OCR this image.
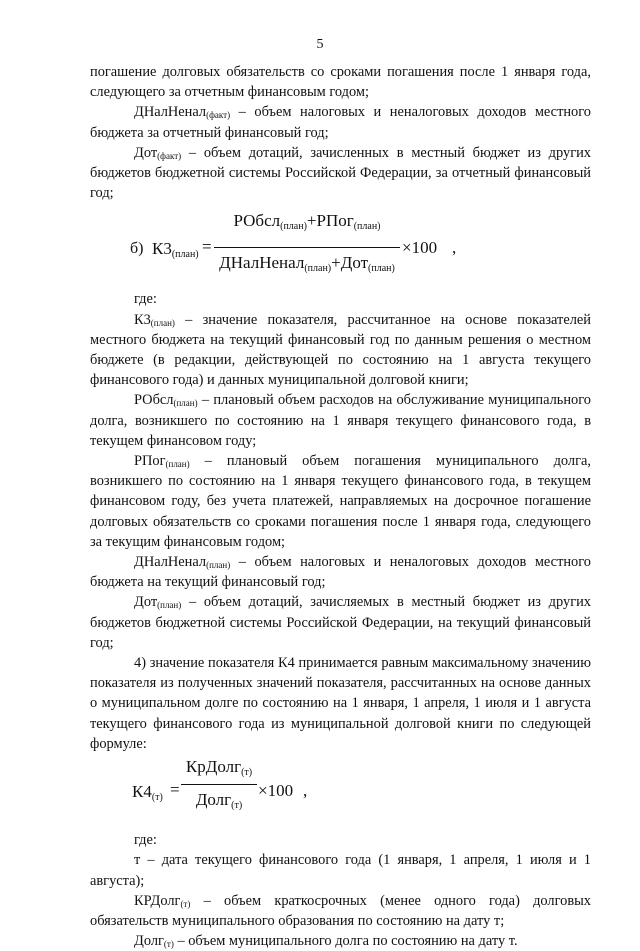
5

погашение долговых обязательств со сроками погашения после 1 января года, следующего за отчетным финансовым годом;

ДНалНенал$_{(факт)}$ – объем налоговых и неналоговых доходов местного бюджета за отчетный финансовый год;

Дот$_{(факт)}$ – объем дотаций, зачисленных в местный бюджет из других бюджетов бюджетной системы Российской Федерации, за отчетный финансовый год;

б) К3(план) =
РОбсл(план)+РПог(план)
ДНалНенал(план)+Дот(план)
×100 ,

где:

$К3_{(план)}$ – значение показателя, рассчитанное на основе показателей местного бюджета на текущий финансовый год по данным решения о местном бюджете (в редакции, действующей по состоянию на 1 августа текущего финансового года) и данных муниципальной долговой книги;

РОбсл$_{(план)}$ – плановый объем расходов на обслуживание муниципального долга, возникшего по состоянию на 1 января текущего финансового года, в текущем финансовом году;

РПог$_{(план)}$ – плановый объем погашения муниципального долга, возникшего по состоянию на 1 января текущего финансового года, в текущем финансовом году, без учета платежей, направляемых на досрочное погашение долговых обязательств со сроками погашения после 1 января года, следующего за текущим финансовым годом;

ДНалНенал$_{(план)}$ – объем налоговых и неналоговых доходов местного бюджета на текущий финансовый год;

Дот$_{(план)}$ – объем дотаций, зачисляемых в местный бюджет из других бюджетов бюджетной системы Российской Федерации, на текущий финансовый год;

4) значение показателя К4 принимается равным максимальному значению показателя из полученных значений показателя, рассчитанных на основе данных о муниципальном долге по состоянию на 1 января, 1 апреля, 1 июля и 1 августа текущего финансового года из муниципальной долговой книги по следующей формуле:

К4(т) =
КрДолг(т)
Долг(т)
×100 ,

где:

т – дата текущего финансового года (1 января, 1 апреля, 1 июля и 1 августа);

КРДолг$_{(т)}$ – объем краткосрочных (менее одного года) долговых обязательств муниципального образования по состоянию на дату т;

Долг$_{(т)}$ – объем муниципального долга по состоянию на дату т.
